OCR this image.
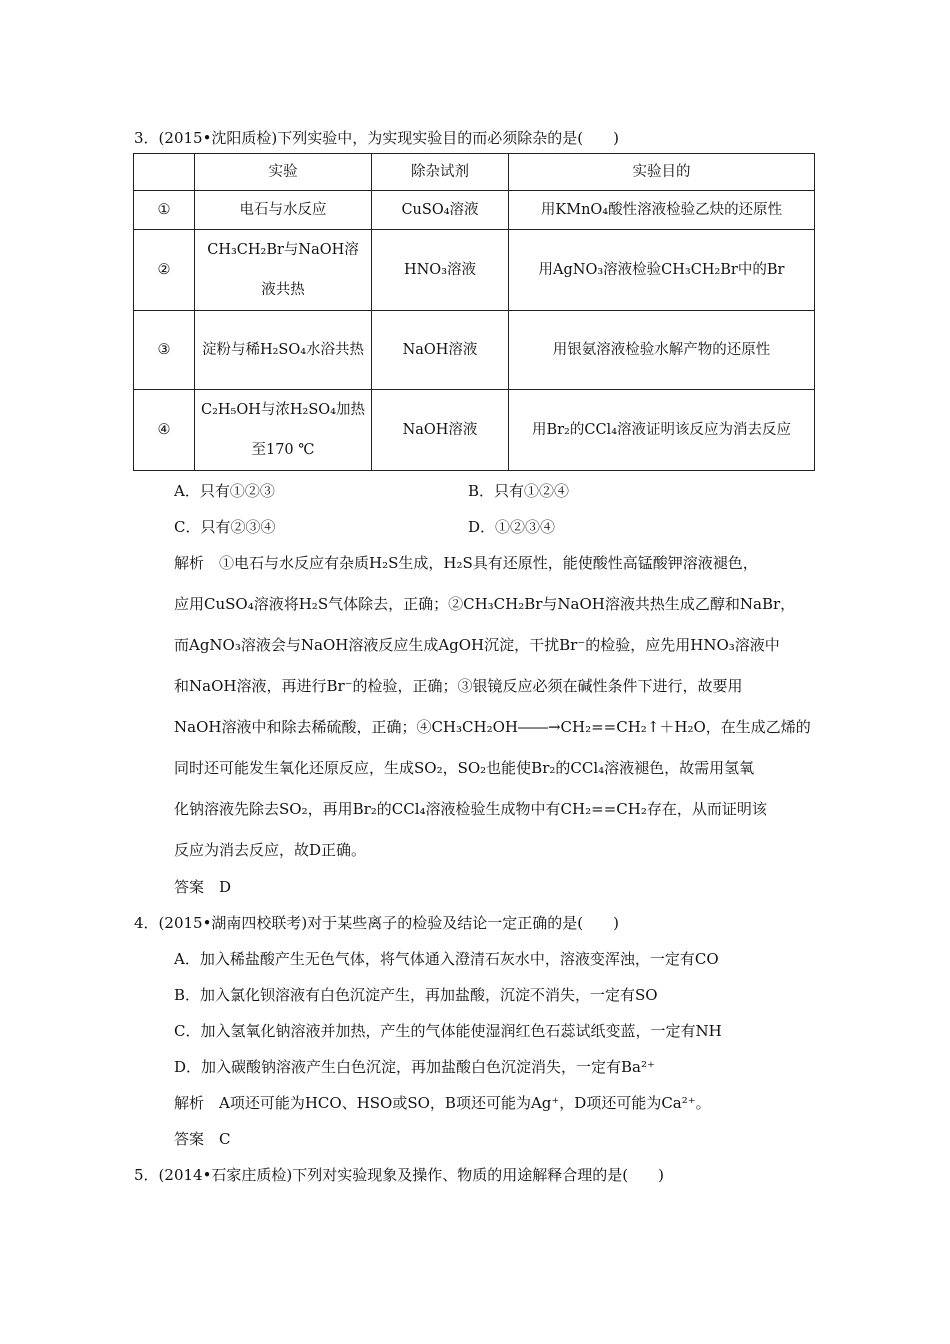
3．(2015•沈阳质检)下列实验中，为实现实验目的而必须除杂的是(　　)
	实验	除杂试剂	实验目的
①	电石与水反应	CuSO₄溶液	用KMnO₄酸性溶液检验乙炔的还原性
②	CH₃CH₂Br与NaOH溶液共热	HNO₃溶液	用AgNO₃溶液检验CH₃CH₂Br中的Br
③	淀粉与稀H₂SO₄水浴共热	NaOH溶液	用银氨溶液检验水解产物的还原性
④	C₂H₅OH与浓H₂SO₄加热至170 ℃	NaOH溶液	用Br₂的CCl₄溶液证明该反应为消去反应
A．只有①②③	B．只有①②④
C．只有②③④	D．①②③④
解析　①电石与水反应有杂质H₂S生成，H₂S具有还原性，能使酸性高锰酸钾溶液褪色，
应用CuSO₄溶液将H₂S气体除去，正确；②CH₃CH₂Br与NaOH溶液共热生成乙醇和NaBr，
而AgNO₃溶液会与NaOH溶液反应生成AgOH沉淀，干扰Br⁻的检验，应先用HNO₃溶液中
和NaOH溶液，再进行Br⁻的检验，正确；③银镜反应必须在碱性条件下进行，故要用
NaOH溶液中和除去稀硫酸，正确；④CH₃CH₂OH――→CH₂==CH₂↑＋H₂O，在生成乙烯的
同时还可能发生氧化还原反应，生成SO₂，SO₂也能使Br₂的CCl₄溶液褪色，故需用氢氧
化钠溶液先除去SO₂，再用Br₂的CCl₄溶液检验生成物中有CH₂==CH₂存在，从而证明该
反应为消去反应，故D正确。
答案　D
4．(2015•湖南四校联考)对于某些离子的检验及结论一定正确的是(　　)
A．加入稀盐酸产生无色气体，将气体通入澄清石灰水中，溶液变浑浊，一定有CO
B．加入氯化钡溶液有白色沉淀产生，再加盐酸，沉淀不消失，一定有SO
C．加入氢氧化钠溶液并加热，产生的气体能使湿润红色石蕊试纸变蓝，一定有NH
D．加入碳酸钠溶液产生白色沉淀，再加盐酸白色沉淀消失，一定有Ba²⁺
解析　A项还可能为HCO、HSO或SO，B项还可能为Ag⁺，D项还可能为Ca²⁺。
答案　C
5．(2014•石家庄质检)下列对实验现象及操作、物质的用途解释合理的是(　　)
